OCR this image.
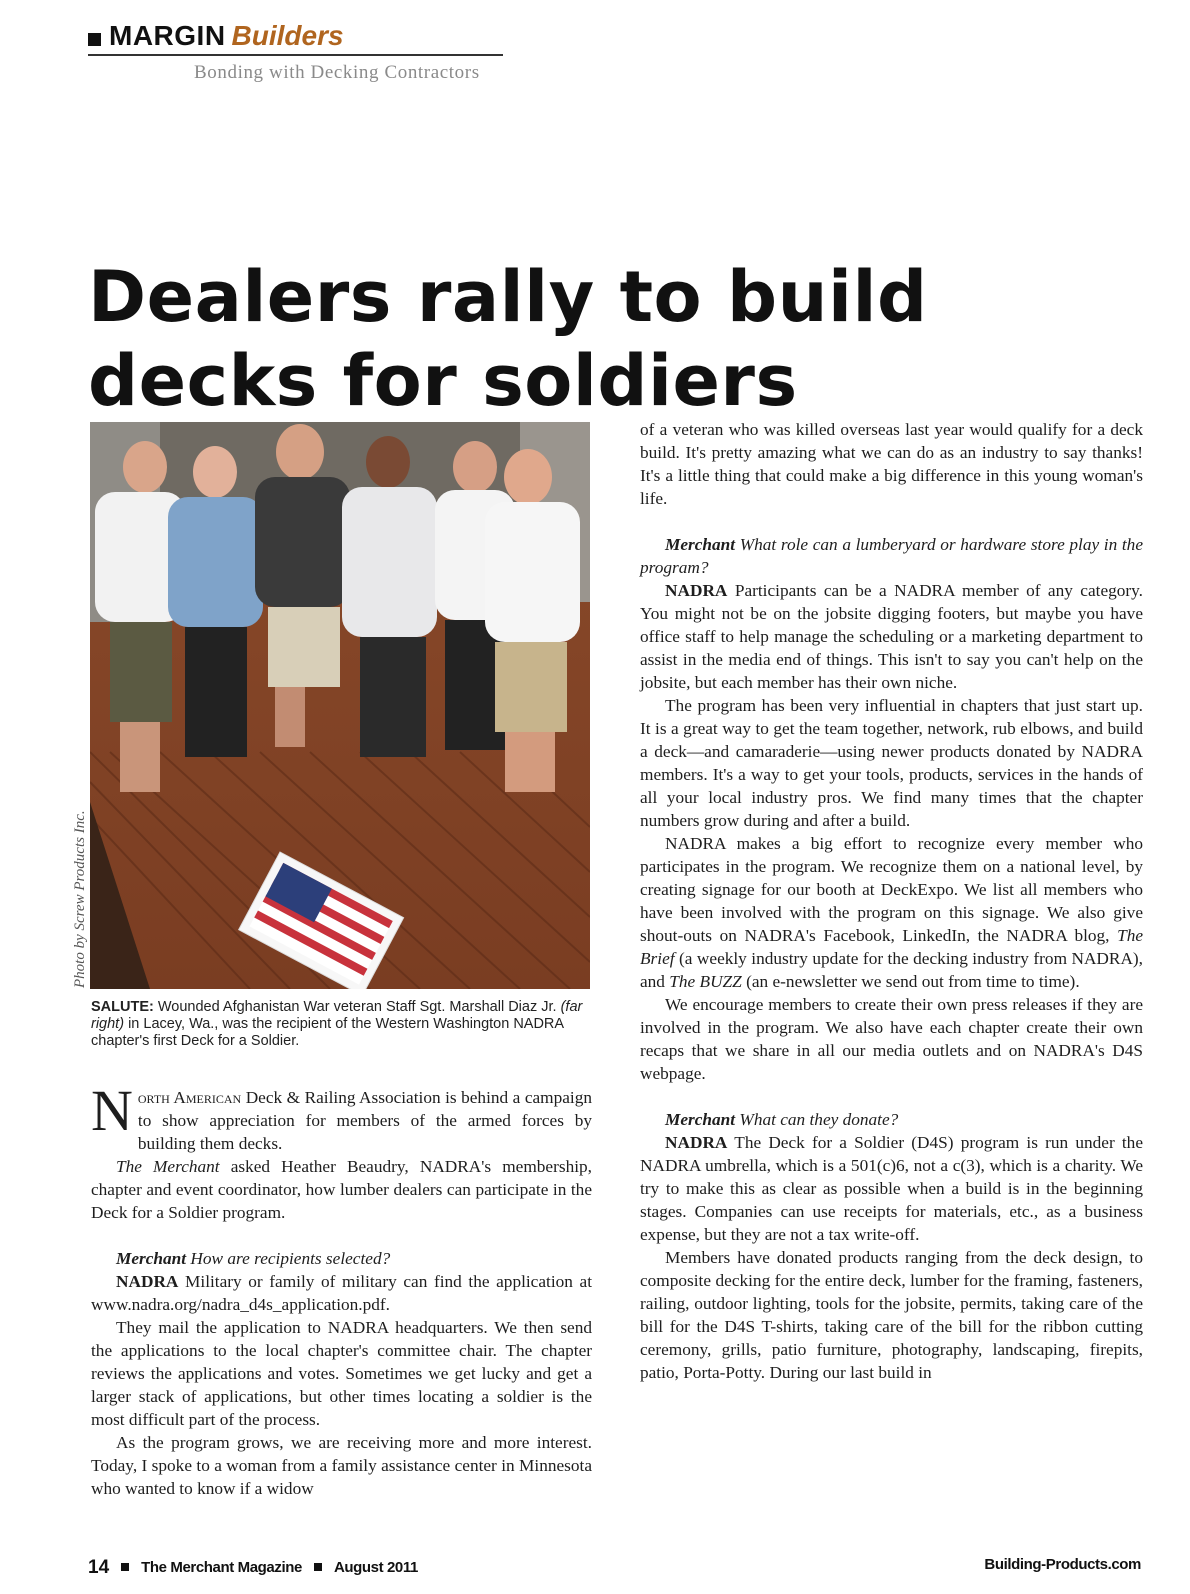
MARGIN Builders
Bonding with Decking Contractors
Dealers rally to build decks for soldiers
Photo by Screw Products Inc.

SALUTE: Wounded Afghanistan War veteran Staff Sgt. Marshall Diaz Jr. (far right) in Lacey, Wa., was the recipient of the Western Washington NADRA chapter's first Deck for a Soldier.

North American Deck & Railing Association is behind a campaign to show appreciation for members of the armed forces by building them decks.

The Merchant asked Heather Beaudry, NADRA's membership, chapter and event coordinator, how lumber dealers can participate in the Deck for a Soldier program.

Merchant How are recipients selected?

NADRA Military or family of military can find the application at www.nadra.org/nadra_d4s_application.pdf.

They mail the application to NADRA headquarters. We then send the applications to the local chapter's committee chair. The chapter reviews the applications and votes. Sometimes we get lucky and get a larger stack of applications, but other times locating a soldier is the most difficult part of the process.

As the program grows, we are receiving more and more interest. Today, I spoke to a woman from a family assistance center in Minnesota who wanted to know if a widow

of a veteran who was killed overseas last year would qualify for a deck build. It's pretty amazing what we can do as an industry to say thanks! It's a little thing that could make a big difference in this young woman's life.

Merchant What role can a lumberyard or hardware store play in the program?

NADRA Participants can be a NADRA member of any category. You might not be on the jobsite digging footers, but maybe you have office staff to help manage the scheduling or a marketing department to assist in the media end of things. This isn't to say you can't help on the jobsite, but each member has their own niche.

The program has been very influential in chapters that just start up. It is a great way to get the team together, network, rub elbows, and build a deck—and camaraderie—using newer products donated by NADRA members. It's a way to get your tools, products, services in the hands of all your local industry pros. We find many times that the chapter numbers grow during and after a build.

NADRA makes a big effort to recognize every member who participates in the program. We recognize them on a national level, by creating signage for our booth at DeckExpo. We list all members who have been involved with the program on this signage. We also give shout-outs on NADRA's Facebook, LinkedIn, the NADRA blog, The Brief (a weekly industry update for the decking industry from NADRA), and The BUZZ (an e-newsletter we send out from time to time).

We encourage members to create their own press releases if they are involved in the program. We also have each chapter create their own recaps that we share in all our media outlets and on NADRA's D4S webpage.

Merchant What can they donate?

NADRA The Deck for a Soldier (D4S) program is run under the NADRA umbrella, which is a 501(c)6, not a c(3), which is a charity. We try to make this as clear as possible when a build is in the beginning stages. Companies can use receipts for materials, etc., as a business expense, but they are not a tax write-off.

Members have donated products ranging from the deck design, to composite decking for the entire deck, lumber for the framing, fasteners, railing, outdoor lighting, tools for the jobsite, permits, taking care of the bill for the D4S T-shirts, taking care of the bill for the ribbon cutting ceremony, grills, patio furniture, photography, landscaping, firepits, patio, Porta-Potty. During our last build in

14 The Merchant Magazine August 2011	Building-Products.com
